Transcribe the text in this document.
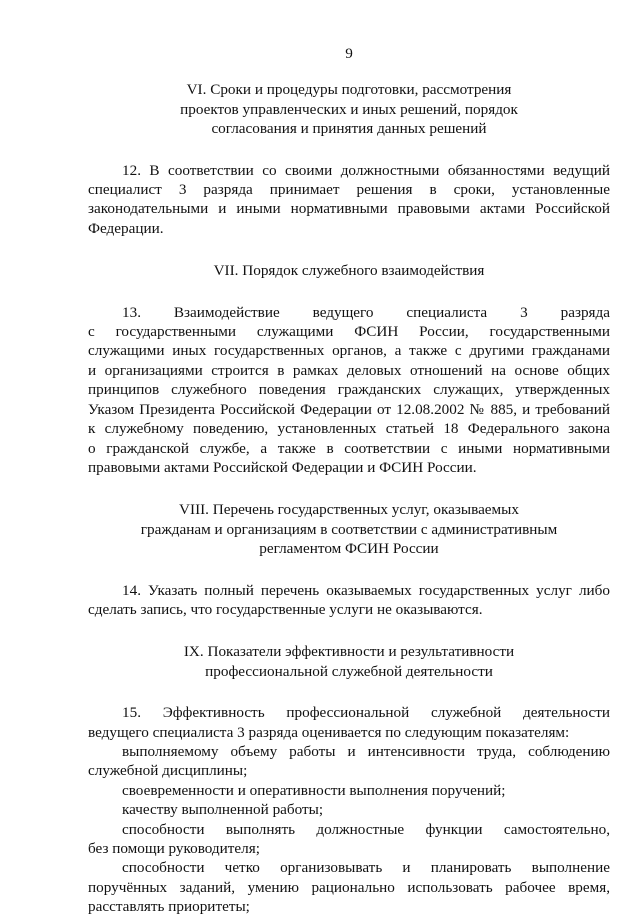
9
VI. Сроки и процедуры подготовки, рассмотрения
проектов управленческих и иных решений, порядок
согласования и принятия данных решений
12. В соответствии со своими должностными обязанностями ведущий
специалист 3 разряда принимает решения в сроки, установленные
законодательными и иными нормативными правовыми актами Российской
Федерации.
VII. Порядок служебного взаимодействия
13. Взаимодействие ведущего специалиста 3 разряда
с государственными служащими ФСИН России, государственными
служащими иных государственных органов, а также с другими гражданами
и организациями строится в рамках деловых отношений на основе общих
принципов служебного поведения гражданских служащих, утвержденных
Указом Президента Российской Федерации от 12.08.2002 № 885, и требований
к служебному поведению, установленных статьей 18 Федерального закона
о гражданской службе, а также в соответствии с иными нормативными
правовыми актами Российской Федерации и ФСИН России.
VIII. Перечень государственных услуг, оказываемых
гражданам и организациям в соответствии с административным
регламентом ФСИН России
14. Указать полный перечень оказываемых государственных услуг либо
сделать запись, что государственные услуги не оказываются.
IX. Показатели эффективности и результативности
профессиональной служебной деятельности
15. Эффективность профессиональной служебной деятельности
ведущего специалиста 3 разряда оценивается по следующим показателям:
выполняемому объему работы и интенсивности труда, соблюдению
служебной дисциплины;
своевременности и оперативности выполнения поручений;
качеству выполненной работы;
способности выполнять должностные функции самостоятельно,
без помощи руководителя;
способности четко организовывать и планировать выполнение
поручённых заданий, умению рационально использовать рабочее время,
расставлять приоритеты;
